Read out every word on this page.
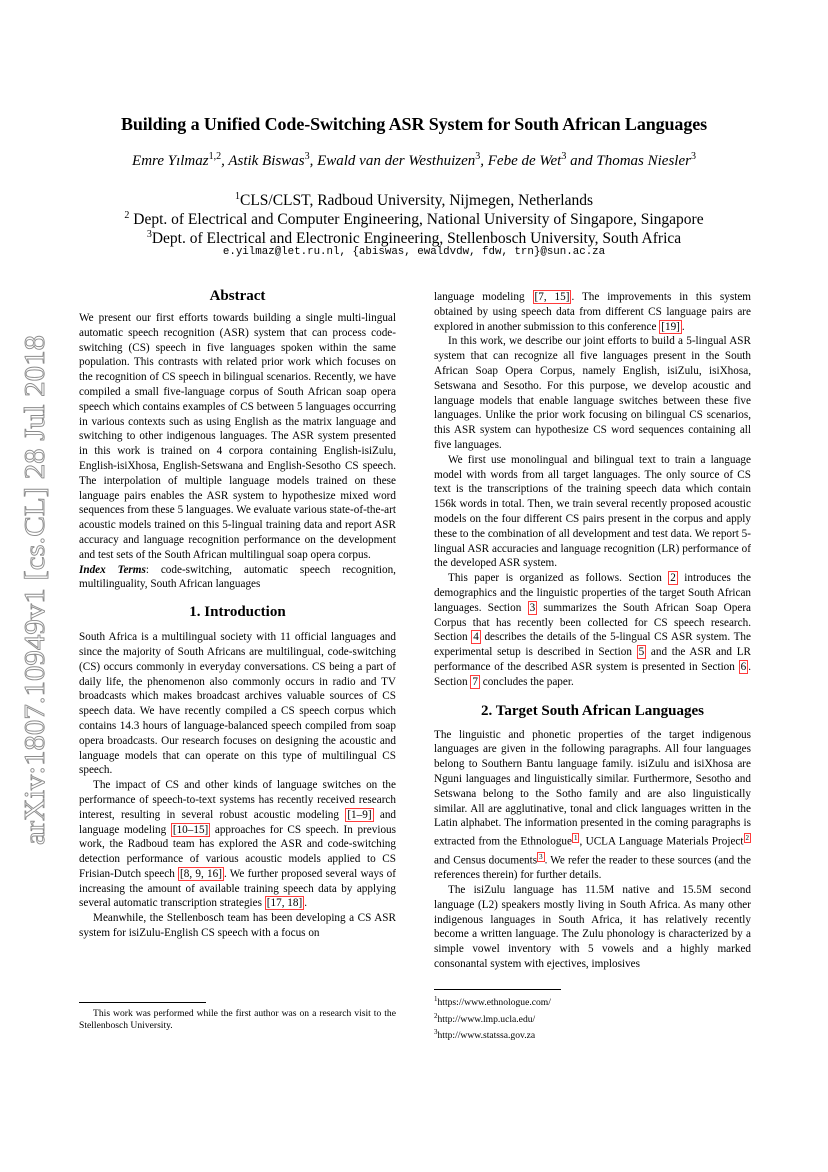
arXiv:1807.10949v1 [cs.CL] 28 Jul 2018
Building a Unified Code-Switching ASR System for South African Languages
Emre Yılmaz$^{1,2}$, Astik Biswas$^3$, Ewald van der Westhuizen$^3$, Febe de Wet$^3$ and Thomas Niesler$^3$
$^1$CLS/CLST, Radboud University, Nijmegen, Netherlands
$^2$ Dept. of Electrical and Computer Engineering, National University of Singapore, Singapore
$^3$Dept. of Electrical and Electronic Engineering, Stellenbosch University, South Africa
e.yilmaz@let.ru.nl, {abiswas, ewaldvdw, fdw, trn}@sun.ac.za
Abstract

We present our first efforts towards building a single multi-lingual automatic speech recognition (ASR) system that can process code-switching (CS) speech in five languages spoken within the same population. This contrasts with related prior work which focuses on the recognition of CS speech in bilingual scenarios. Recently, we have compiled a small five-language corpus of South African soap opera speech which contains examples of CS between 5 languages occurring in various contexts such as using English as the matrix language and switching to other indigenous languages. The ASR system presented in this work is trained on 4 corpora containing English-isiZulu, English-isiXhosa, English-Setswana and English-Sesotho CS speech. The interpolation of multiple language models trained on these language pairs enables the ASR system to hypothesize mixed word sequences from these 5 languages. We evaluate various state-of-the-art acoustic models trained on this 5-lingual training data and report ASR accuracy and language recognition performance on the development and test sets of the South African multilingual soap opera corpus.

Index Terms: code-switching, automatic speech recognition, multilinguality, South African languages

1. Introduction

South Africa is a multilingual society with 11 official languages and since the majority of South Africans are multilingual, code-switching (CS) occurs commonly in everyday conversations. CS being a part of daily life, the phenomenon also commonly occurs in radio and TV broadcasts which makes broadcast archives valuable sources of CS speech data. We have recently compiled a CS speech corpus which contains 14.3 hours of language-balanced speech compiled from soap opera broadcasts. Our research focuses on designing the acoustic and language models that can operate on this type of multilingual CS speech.

The impact of CS and other kinds of language switches on the performance of speech-to-text systems has recently received research interest, resulting in several robust acoustic modeling [1–9] and language modeling [10–15] approaches for CS speech. In previous work, the Radboud team has explored the ASR and code-switching detection performance of various acoustic models applied to CS Frisian-Dutch speech [8, 9, 16] . We further proposed several ways of increasing the amount of available training speech data by applying several automatic transcription strategies [17, 18] .

Meanwhile, the Stellenbosch team has been developing a CS ASR system for isiZulu-English CS speech with a focus on

This work was performed while the first author was on a research visit to the Stellenbosch University.

language modeling [7, 15] . The improvements in this system obtained by using speech data from different CS language pairs are explored in another submission to this conference [19] .

In this work, we describe our joint efforts to build a 5-lingual ASR system that can recognize all five languages present in the South African Soap Opera Corpus, namely English, isiZulu, isiXhosa, Setswana and Sesotho. For this purpose, we develop acoustic and language models that enable language switches between these five languages. Unlike the prior work focusing on bilingual CS scenarios, this ASR system can hypothesize CS word sequences containing all five languages.

We first use monolingual and bilingual text to train a language model with words from all target languages. The only source of CS text is the transcriptions of the training speech data which contain 156k words in total. Then, we train several recently proposed acoustic models on the four different CS pairs present in the corpus and apply these to the combination of all development and test data. We report 5-lingual ASR accuracies and language recognition (LR) performance of the developed ASR system.

This paper is organized as follows. Section 2 introduces the demographics and the linguistic properties of the target South African languages. Section 3 summarizes the South African Soap Opera Corpus that has recently been collected for CS speech research. Section 4 describes the details of the 5-lingual CS ASR system. The experimental setup is described in Section 5 and the ASR and LR performance of the described ASR system is presented in Section 6 . Section 7 concludes the paper.

2. Target South African Languages

The linguistic and phonetic properties of the target indigenous languages are given in the following paragraphs. All four languages belong to Southern Bantu language family. isiZulu and isiXhosa are Nguni languages and linguistically similar. Furthermore, Sesotho and Setswana belong to the Sotho family and are also linguistically similar. All are agglutinative, tonal and click languages written in the Latin alphabet. The information presented in the coming paragraphs is extracted from the Ethnologue $^1$ , UCLA Language Materials Project $^2$ and Census documents $^3$ . We refer the reader to these sources (and the references therein) for further details.

The isiZulu language has 11.5M native and 15.5M second language (L2) speakers mostly living in South Africa. As many other indigenous languages in South Africa, it has relatively recently become a written language. The Zulu phonology is characterized by a simple vowel inventory with 5 vowels and a highly marked consonantal system with ejectives, implosives

$^1$https://www.ethnologue.com/
$^2$http://www.lmp.ucla.edu/
$^3$http://www.statssa.gov.za
